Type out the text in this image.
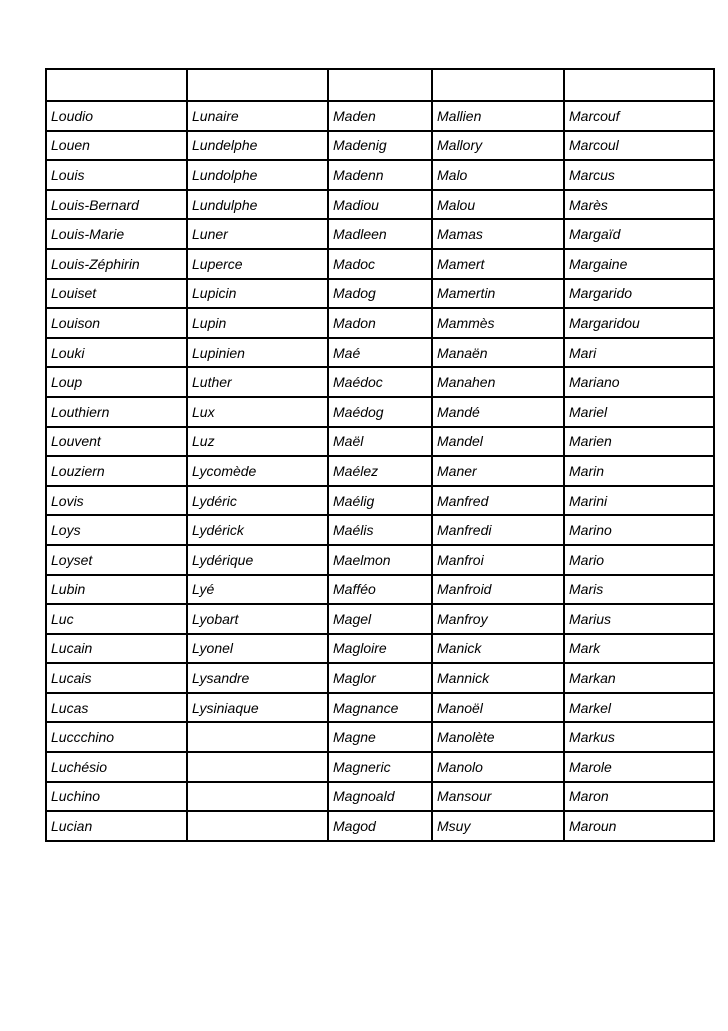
Loudio	Lunaire	Maden	Mallien	Marcouf
Louen	Lundelphe	Madenig	Mallory	Marcoul
Louis	Lundolphe	Madenn	Malo	Marcus
Louis-Bernard	Lundulphe	Madiou	Malou	Marès
Louis-Marie	Luner	Madleen	Mamas	Margaïd
Louis-Zéphirin	Luperce	Madoc	Mamert	Margaine
Louiset	Lupicin	Madog	Mamertin	Margarido
Louison	Lupin	Madon	Mammès	Margaridou
Louki	Lupinien	Maé	Manaën	Mari
Loup	Luther	Maédoc	Manahen	Mariano
Louthiern	Lux	Maédog	Mandé	Mariel
Louvent	Luz	Maël	Mandel	Marien
Louziern	Lycomède	Maélez	Maner	Marin
Lovis	Lydéric	Maélig	Manfred	Marini
Loys	Lydérick	Maélis	Manfredi	Marino
Loyset	Lydérique	Maelmon	Manfroi	Mario
Lubin	Lyé	Mafféo	Manfroid	Maris
Luc	Lyobart	Magel	Manfroy	Marius
Lucain	Lyonel	Magloire	Manick	Mark
Lucais	Lysandre	Maglor	Mannick	Markan
Lucas	Lysiniaque	Magnance	Manoël	Markel
Luccchino		Magne	Manolète	Markus
Luchésio		Magneric	Manolo	Marole
Luchino		Magnoald	Mansour	Maron
Lucian		Magod	Msuy	Maroun
